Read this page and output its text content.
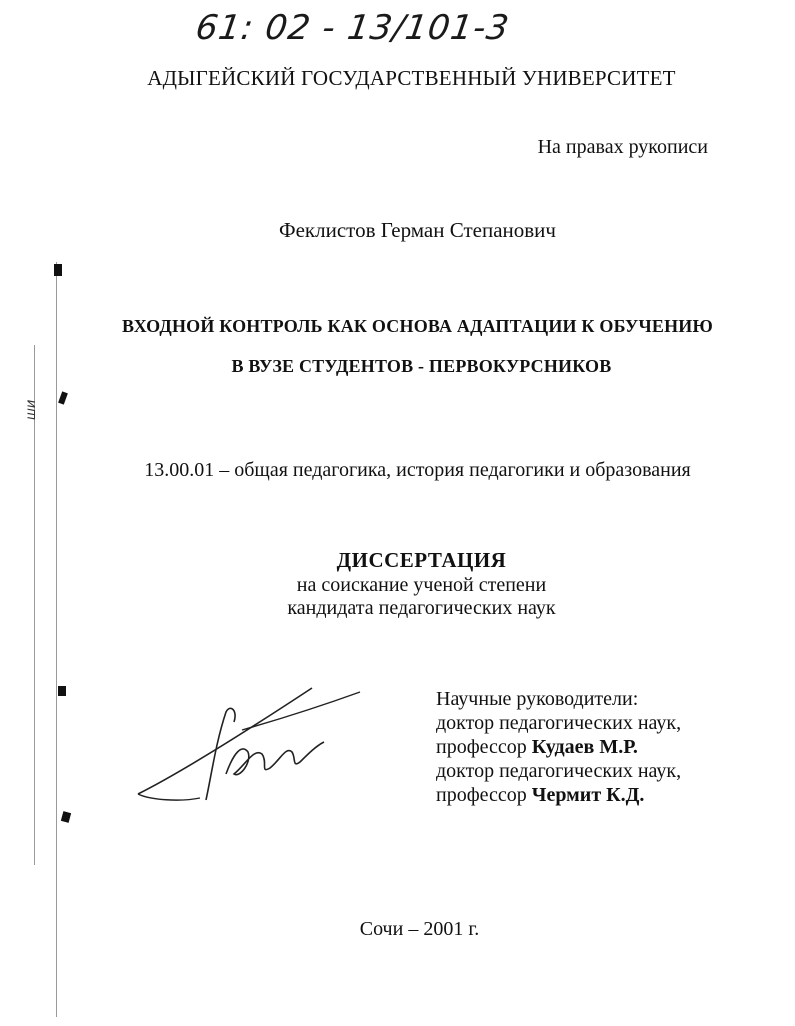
61: 02 - 13/101-3
АДЫГЕЙСКИЙ ГОСУДАРСТВЕННЫЙ УНИВЕРСИТЕТ
На правах рукописи
Феклистов Герман Степанович
ВХОДНОЙ КОНТРОЛЬ КАК ОСНОВА АДАПТАЦИИ К ОБУЧЕНИЮ
В ВУЗЕ СТУДЕНТОВ - ПЕРВОКУРСНИКОВ
13.00.01 – общая педагогика, история педагогики и образования
ДИССЕРТАЦИЯ
на соискание ученой степени
кандидата педагогических наук
Научные руководители:
доктор педагогических наук,
профессор Кудаев М.Р.
доктор педагогических наук,
профессор Чермит К.Д.
ши
Сочи – 2001 г.
